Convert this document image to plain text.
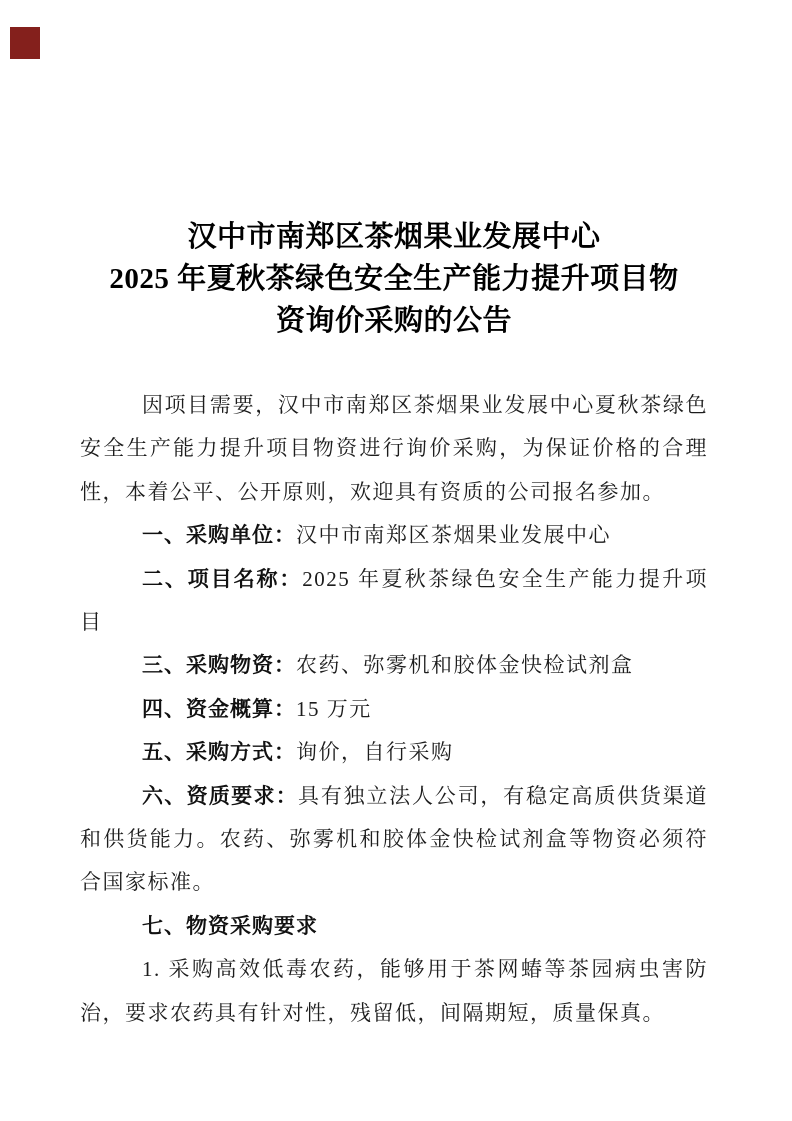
汉中市南郑区茶烟果业发展中心
2025 年夏秋茶绿色安全生产能力提升项目物
资询价采购的公告

因项目需要，汉中市南郑区茶烟果业发展中心夏秋茶绿色安全生产能力提升项目物资进行询价采购，为保证价格的合理性，本着公平、公开原则，欢迎具有资质的公司报名参加。

一、采购单位：汉中市南郑区茶烟果业发展中心

二、项目名称：2025 年夏秋茶绿色安全生产能力提升项目

三、采购物资：农药、弥雾机和胶体金快检试剂盒

四、资金概算：15 万元

五、采购方式：询价，自行采购

六、资质要求：具有独立法人公司，有稳定高质供货渠道和供货能力。农药、弥雾机和胶体金快检试剂盒等物资必须符合国家标准。

七、物资采购要求

1. 采购高效低毒农药，能够用于茶网蝽等茶园病虫害防治，要求农药具有针对性，残留低，间隔期短，质量保真。
